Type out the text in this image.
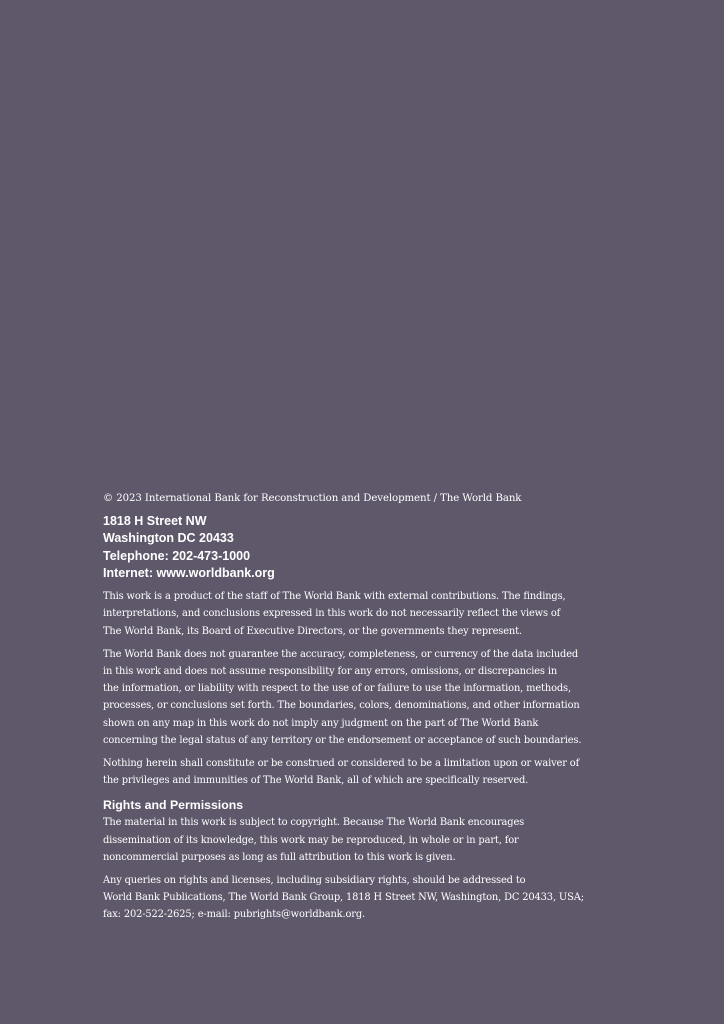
© 2023 International Bank for Reconstruction and Development / The World Bank

1818 H Street NW
Washington DC 20433
Telephone: 202-473-1000
Internet: www.worldbank.org
This work is a product of the staff of The World Bank with external contributions. The findings,
interpretations, and conclusions expressed in this work do not necessarily reflect the views of
The World Bank, its Board of Executive Directors, or the governments they represent.
The World Bank does not guarantee the accuracy, completeness, or currency of the data included
in this work and does not assume responsibility for any errors, omissions, or discrepancies in
the information, or liability with respect to the use of or failure to use the information, methods,
processes, or conclusions set forth. The boundaries, colors, denominations, and other information
shown on any map in this work do not imply any judgment on the part of The World Bank
concerning the legal status of any territory or the endorsement or acceptance of such boundaries.
Nothing herein shall constitute or be construed or considered to be a limitation upon or waiver of
the privileges and immunities of The World Bank, all of which are specifically reserved.
Rights and Permissions
The material in this work is subject to copyright. Because The World Bank encourages
dissemination of its knowledge, this work may be reproduced, in whole or in part, for
noncommercial purposes as long as full attribution to this work is given.
Any queries on rights and licenses, including subsidiary rights, should be addressed to
World Bank Publications, The World Bank Group, 1818 H Street NW, Washington, DC 20433, USA;
fax: 202-522-2625; e-mail: pubrights@worldbank.org.
